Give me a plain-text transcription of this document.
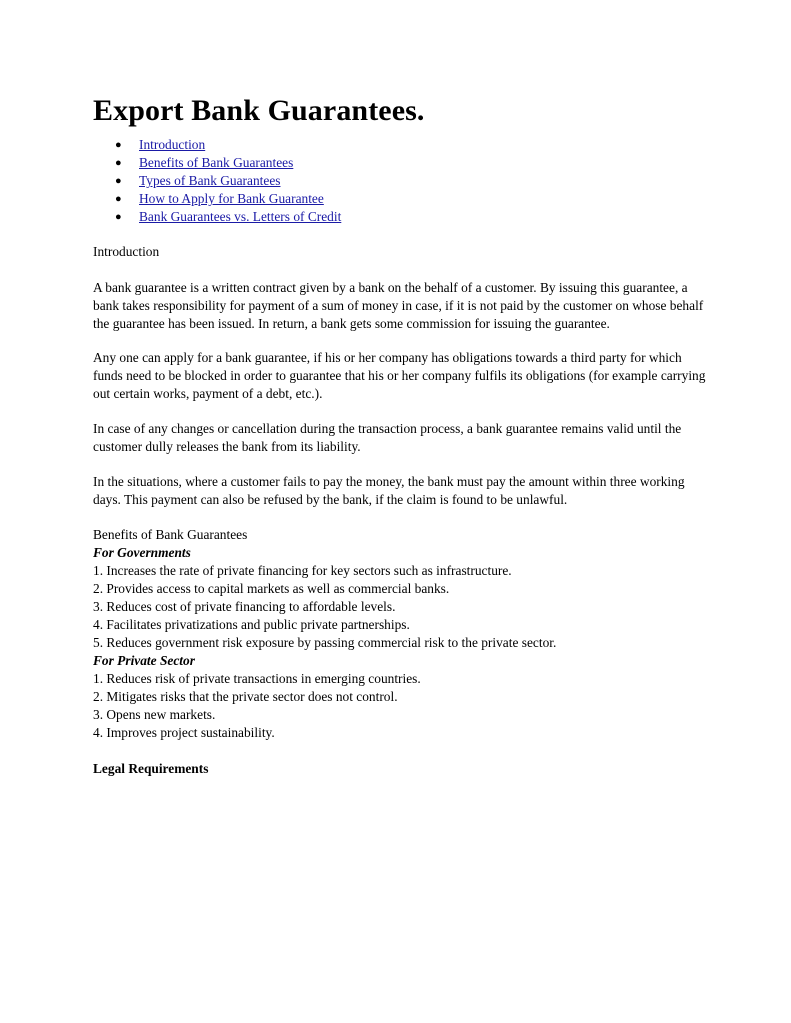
Export Bank Guarantees.
● Introduction
● Benefits of Bank Guarantees
● Types of Bank Guarantees
● How to Apply for Bank Guarantee
● Bank Guarantees vs. Letters of Credit

Introduction

A bank guarantee is a written contract given by a bank on the behalf of a customer. By issuing this guarantee, a bank takes responsibility for payment of a sum of money in case, if it is not paid by the customer on whose behalf the guarantee has been issued. In return, a bank gets some commission for issuing the guarantee.

Any one can apply for a bank guarantee, if his or her company has obligations towards a third party for which funds need to be blocked in order to guarantee that his or her company fulfils its obligations (for example carrying out certain works, payment of a debt, etc.).

In case of any changes or cancellation during the transaction process, a bank guarantee remains valid until the customer dully releases the bank from its liability.

In the situations, where a customer fails to pay the money, the bank must pay the amount within three working days. This payment can also be refused by the bank, if the claim is found to be unlawful.

Benefits of Bank Guarantees

For Governments

1. Increases the rate of private financing for key sectors such as infrastructure.
2. Provides access to capital markets as well as commercial banks.
3. Reduces cost of private financing to affordable levels.
4. Facilitates privatizations and public private partnerships.
5. Reduces government risk exposure by passing commercial risk to the private sector.

For Private Sector

1. Reduces risk of private transactions in emerging countries.
2. Mitigates risks that the private sector does not control.
3. Opens new markets.
4. Improves project sustainability.

Legal Requirements
